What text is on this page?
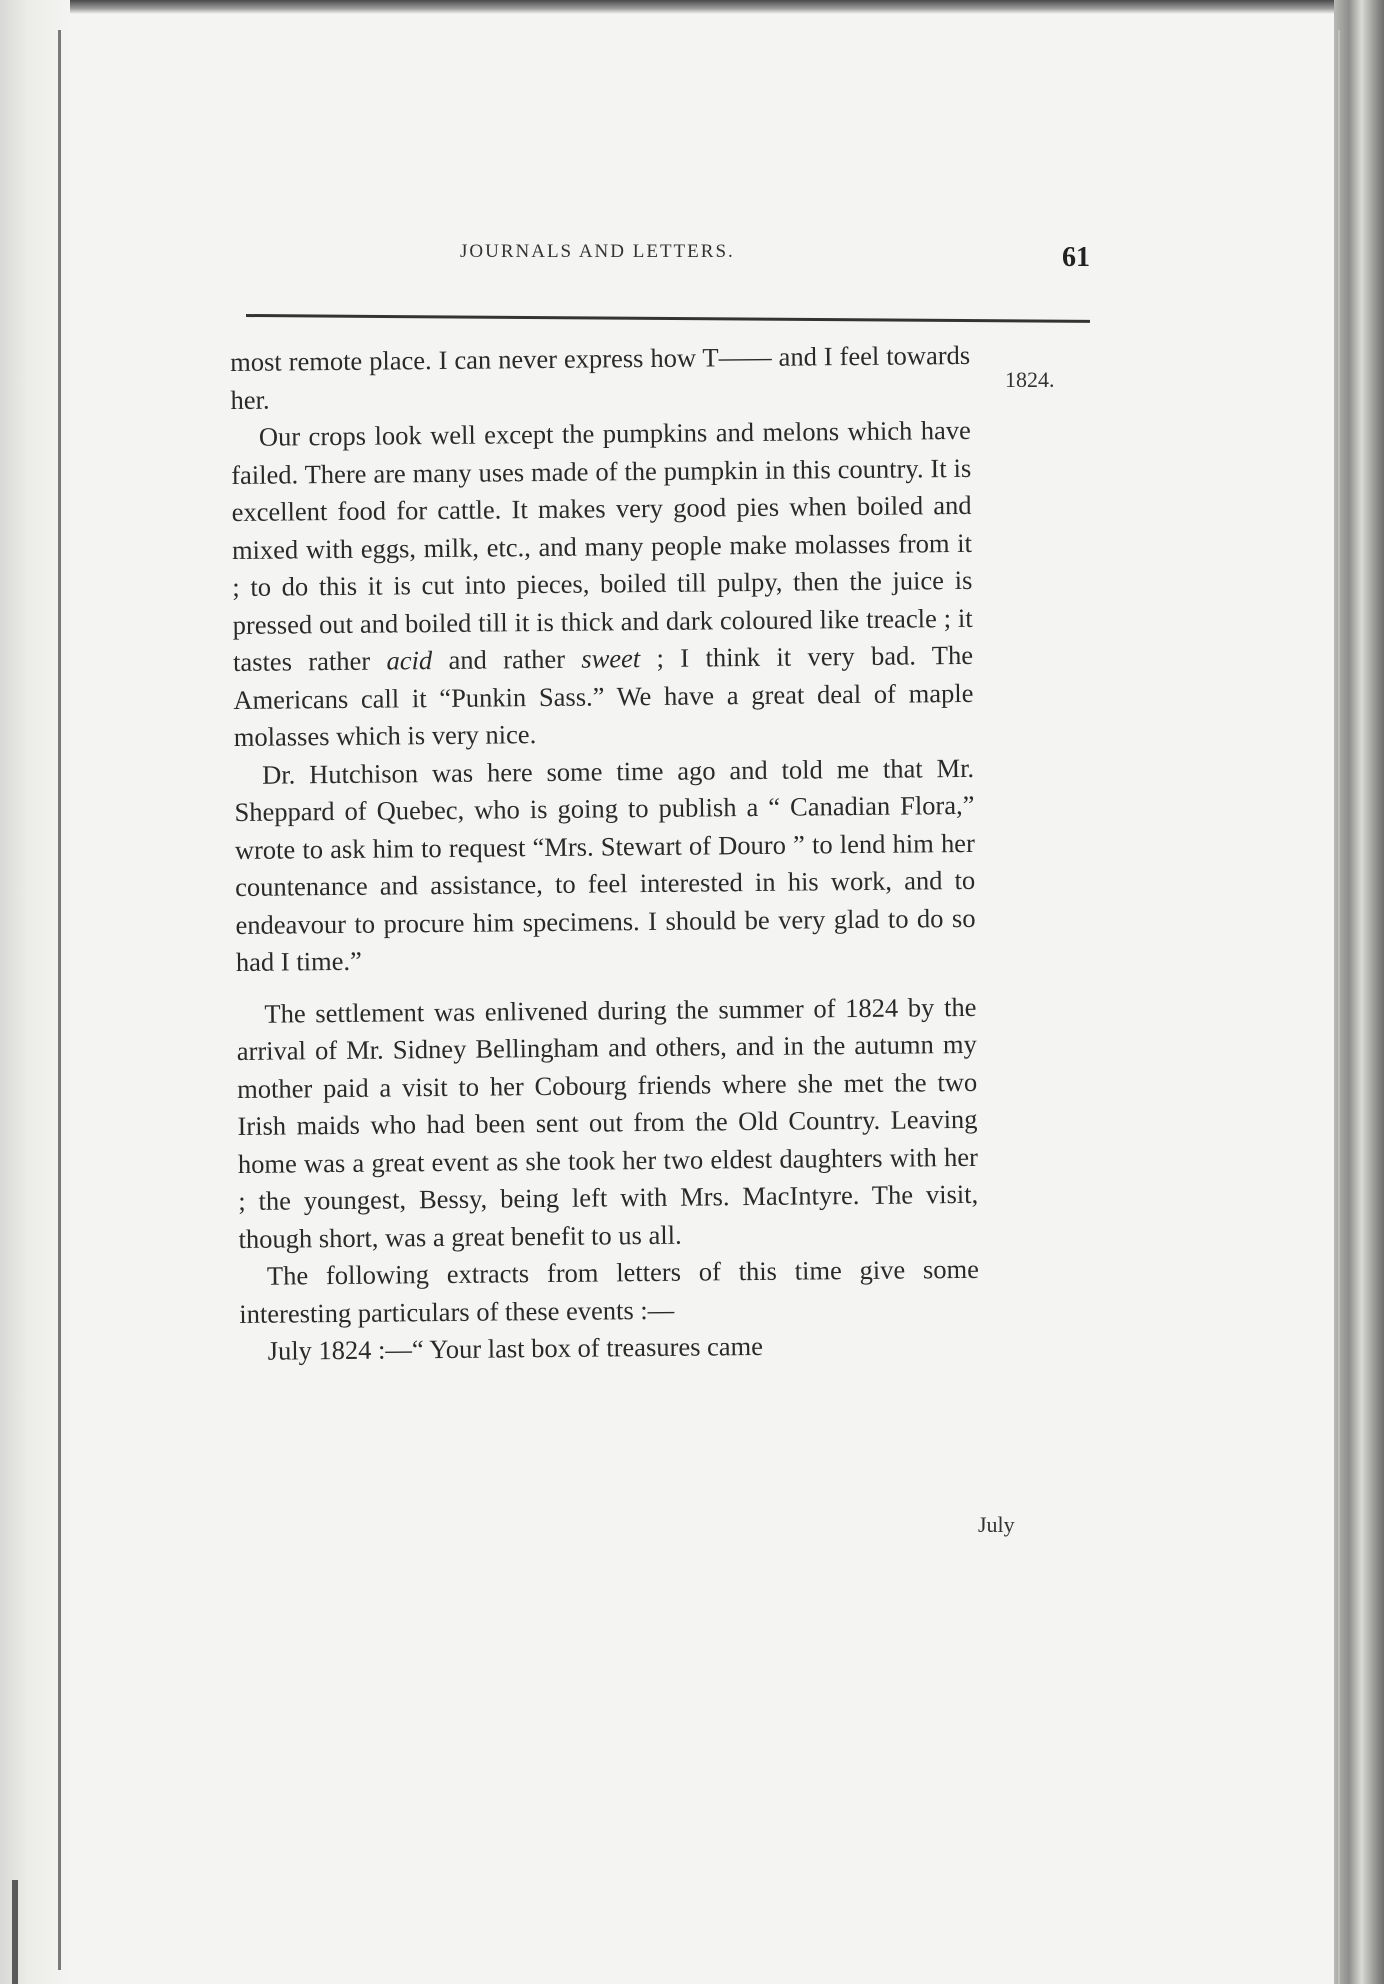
JOURNALS AND LETTERS.	61
1824.
July

most remote place. I can never express how T—— and I feel towards her.

Our crops look well except the pumpkins and melons which have failed. There are many uses made of the pumpkin in this country. It is excellent food for cattle. It makes very good pies when boiled and mixed with eggs, milk, etc., and many people make molasses from it ; to do this it is cut into pieces, boiled till pulpy, then the juice is pressed out and boiled till it is thick and dark coloured like treacle ; it tastes rather acid and rather sweet ; I think it very bad. The Americans call it “Punkin Sass.” We have a great deal of maple molasses which is very nice.

Dr. Hutchison was here some time ago and told me that Mr. Sheppard of Quebec, who is going to publish a “ Canadian Flora,” wrote to ask him to request “Mrs. Stewart of Douro ” to lend him her countenance and assistance, to feel interested in his work, and to endeavour to procure him specimens. I should be very glad to do so had I time.”

The settlement was enlivened during the summer of 1824 by the arrival of Mr. Sidney Bellingham and others, and in the autumn my mother paid a visit to her Cobourg friends where she met the two Irish maids who had been sent out from the Old Country. Leaving home was a great event as she took her two eldest daughters with her ; the youngest, Bessy, being left with Mrs. MacIntyre. The visit, though short, was a great benefit to us all.

The following extracts from letters of this time give some interesting particulars of these events :—

July 1824 :—“ Your last box of treasures came
